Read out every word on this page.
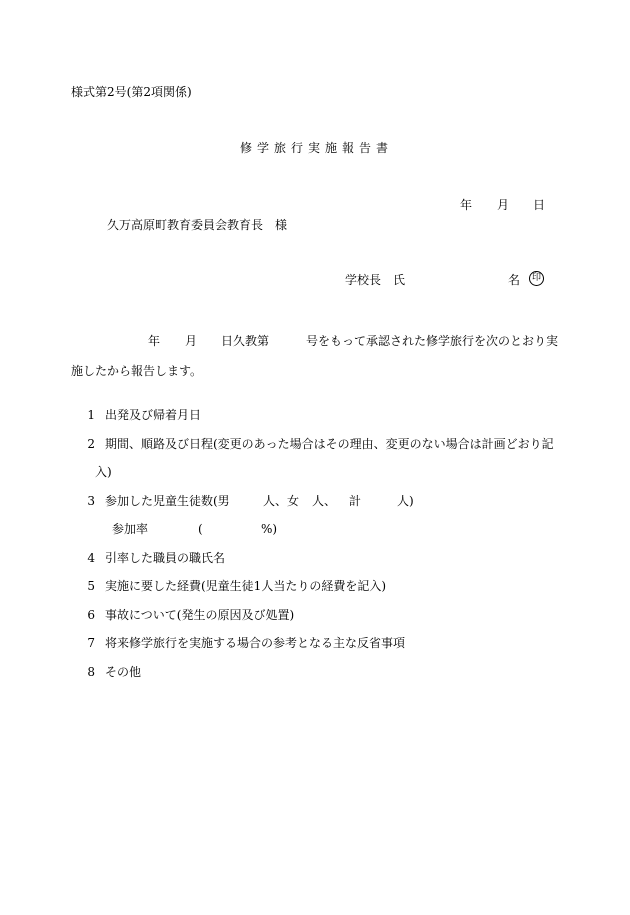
様式第2号(第2項関係)
修学旅行実施報告書
年 月 日
久万高原町教育委員会教育長　様
学校長 氏	名	印
年 月 日久教第	号をもって承認された修学旅行を次のとおり実
施したから報告します。
1 出発及び帰着月日
2 期間、順路及び日程(変更のあった場合はその理由、変更のない場合は計画どおり記
入)
3 参加した児童生徒数(男	人、女 人、 計	人)
参加率	(	%)
4 引率した職員の職氏名
5 実施に要した経費(児童生徒1人当たりの経費を記入)
6 事故について(発生の原因及び処置)
7 将来修学旅行を実施する場合の参考となる主な反省事項
8 その他
